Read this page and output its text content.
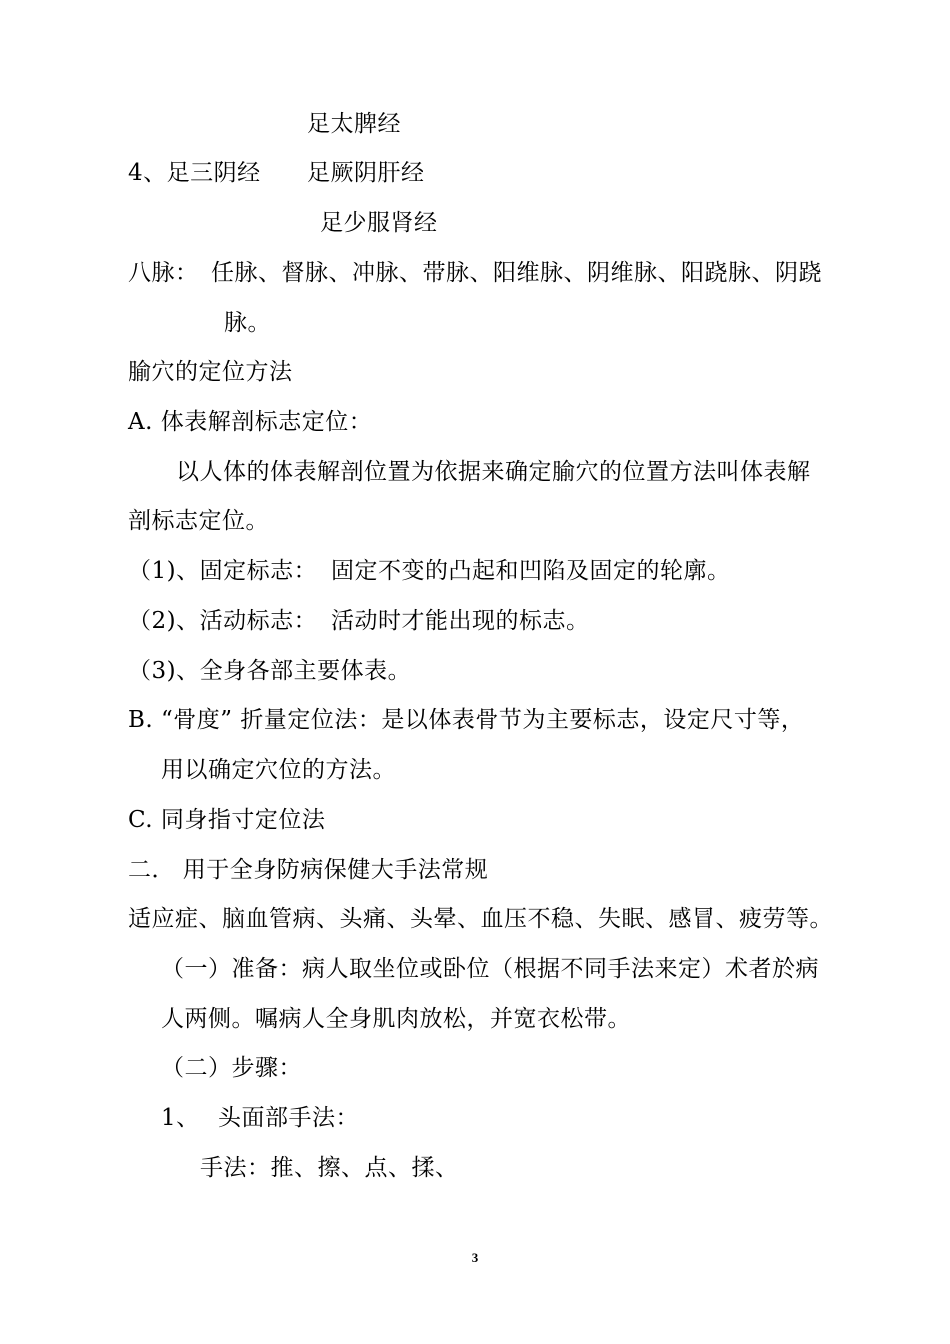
足太脾经
4、足三阴经 足厥阴肝经
足少服肾经
八脉： 任脉、督脉、冲脉、带脉、阳维脉、阴维脉、阳跷脉、阴跷
脉。
腧穴的定位方法
A. 体表解剖标志定位：
以人体的体表解剖位置为依据来确定腧穴的位置方法叫体表解
剖标志定位。
（1)、固定标志： 固定不变的凸起和凹陷及固定的轮廓。
（2)、活动标志： 活动时才能出现的标志。
（3)、全身各部主要体表。
B. “骨度” 折量定位法：是以体表骨节为主要标志，设定尺寸等，
用以确定穴位的方法。
C. 同身指寸定位法
二． 用于全身防病保健大手法常规
适应症、脑血管病、头痛、头晕、血压不稳、失眠、感冒、疲劳等。
（一）准备：病人取坐位或卧位（根据不同手法来定）术者於病
人两侧。嘱病人全身肌肉放松，并宽衣松带。
（二）步骤：
1、 头面部手法：
手法：推、擦、点、揉、
3
